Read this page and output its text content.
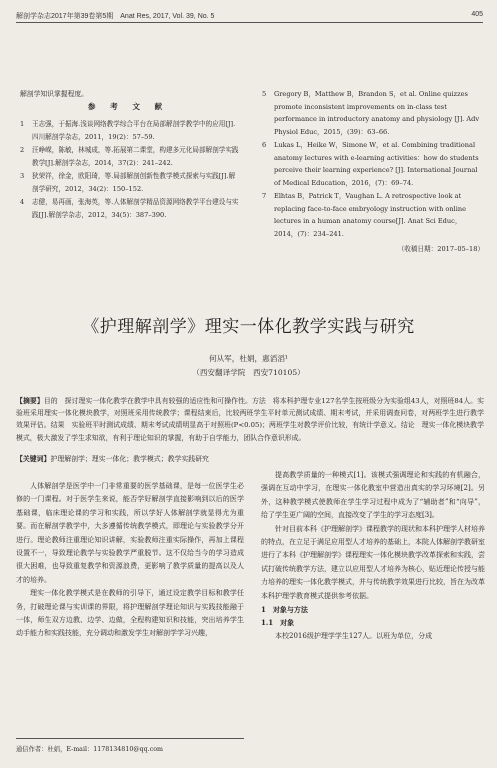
解剖学杂志2017年第39卷第5期　Anat Res, 2017, Vol. 39, No. 5	405
解剖学知识掌握程度。
参 考 文 献
1	王志强，于振海.浅谈网络教学综合平台在局部解剖学教学中的应用[J].四川解剖学杂志，2011，19(2)：57–59.
2	汪峥嵘，陈敏，林城成，等.拓展第二课堂，构建多元化局部解剖学实践教学[J].解剖学杂志，2014，37(2)：241–242.
3	狄荣祥，徐金，欧阳琦，等.局部解剖创新性教学模式探索与实践[J].解剖学研究，2012，34(2)：150–152.
4	志健，易再画，张海英，等.人体解剖学精品资源网络教学平台建设与实践[J].解剖学杂志，2012，34(5)：387–390.
5	Gregory B，Matthew B，Brandon S，et al. Online quizzes promote inconsistent improvements on in-class test performance in introductory anatomy and physiology [J]. Adv Physiol Educ，2015，(39)：63–66.
6	Lukas L，Heike W，Simone W，et al. Combining traditional anatomy lectures with e-learning activities：how do students perceive their learning experience? [J]. International Journal of Medical Education，2016，(7)：69–74.
7	Elhtas B，Patrick T，Vaughan L. A retrospective look at replacing face-to-face embryology instruction with online lectures in a human anatomy course[J]. Anat Sci Educ，2014，(7)：234–241.
（收稿日期：2017–05–18）
《护理解剖学》理实一体化教学实践与研究
何从军，杜娟，惠滔滔¹
（西安翻译学院　西安710105）
【摘要】目的　探讨理实一体化教学在教学中具有较强的适应性和可操作性。方法　将本科护理专业127名学生按班级分为实验组43人，对照班84人。实验班采用理实一体化模块教学，对照班采用传统教学；课程结束后，比较两班学生平时单元测试成绩、期末考试，并采用调查问卷，对两班学生进行教学效果评估。结果　实验班平时测试成绩、期末考试成绩明显高于对照班(P<0.05)；两班学生对教学评价比较，有统计学意义。结论　理实一体化模块教学模式，极大激发了学生求知欲，有利于理论知识的掌握，有助于自学能力，团队合作意识形成。
【关键词】护理解剖学；理实一体化；教学模式；教学实践研究

人体解剖学是医学中一门非常重要的医学基础课，是每一位医学生必修的一门课程。对于医学生来说，能否学好解剖学直接影响到以后的医学基础课，临床理论课的学习和实践，所以学好人体解剖学就显得尤为重要。而在解剖学教学中，大多遵循传统教学模式，即理论与实验教学分开进行。理论教师注重理论知识讲解，实验教师注重实际操作，再加上课程设置不一，导致理论教学与实验教学严重脱节。这不仅给当今的学习造成很大困难，也导致重复教学和资源浪费，更影响了教学质量的提高以及人才的培养。

理实一体化教学模式是在教师的引导下，通过设定教学目标和教学任务，打破理论课与实训课的界限，将护理解剖学理论知识与实践技能融于一体，师生双方边教、边学、边做，全程构建知识和技能，突出培养学生动手能力和实践技能，充分调动和激发学生对解剖学学习兴趣，

提高教学质量的一种模式[1]。该模式强调理论和实践的有机融合，强调在互动中学习，在理实一体化教室中营造出真实的学习环境[2]。另外，这种教学模式使教师在学生学习过程中成为了“辅助者”和“向导”，给了学生更广阔的空间，直接改变了学生的学习态度[3]。

针对目前本科《护理解剖学》课程教学的现状和本科护理学人材培养的特点，在立足于满足应用型人才培养的基础上，本院人体解剖学教研室进行了本科《护理解剖学》课程理实一体化模块教学改革探索和实践，尝试打破传统教学方法，建立以应用型人才培养为核心，贴近理论传授与能力培养的理实一体化教学模式，并与传统教学效果进行比较，旨在为改革本科护理学教育模式提供参考依据。

1　对象与方法

1.1　对象

本校2016级护理学学生127人。以班为单位，分成

通信作者：杜娟，E-mail：1178134810@qq.com
